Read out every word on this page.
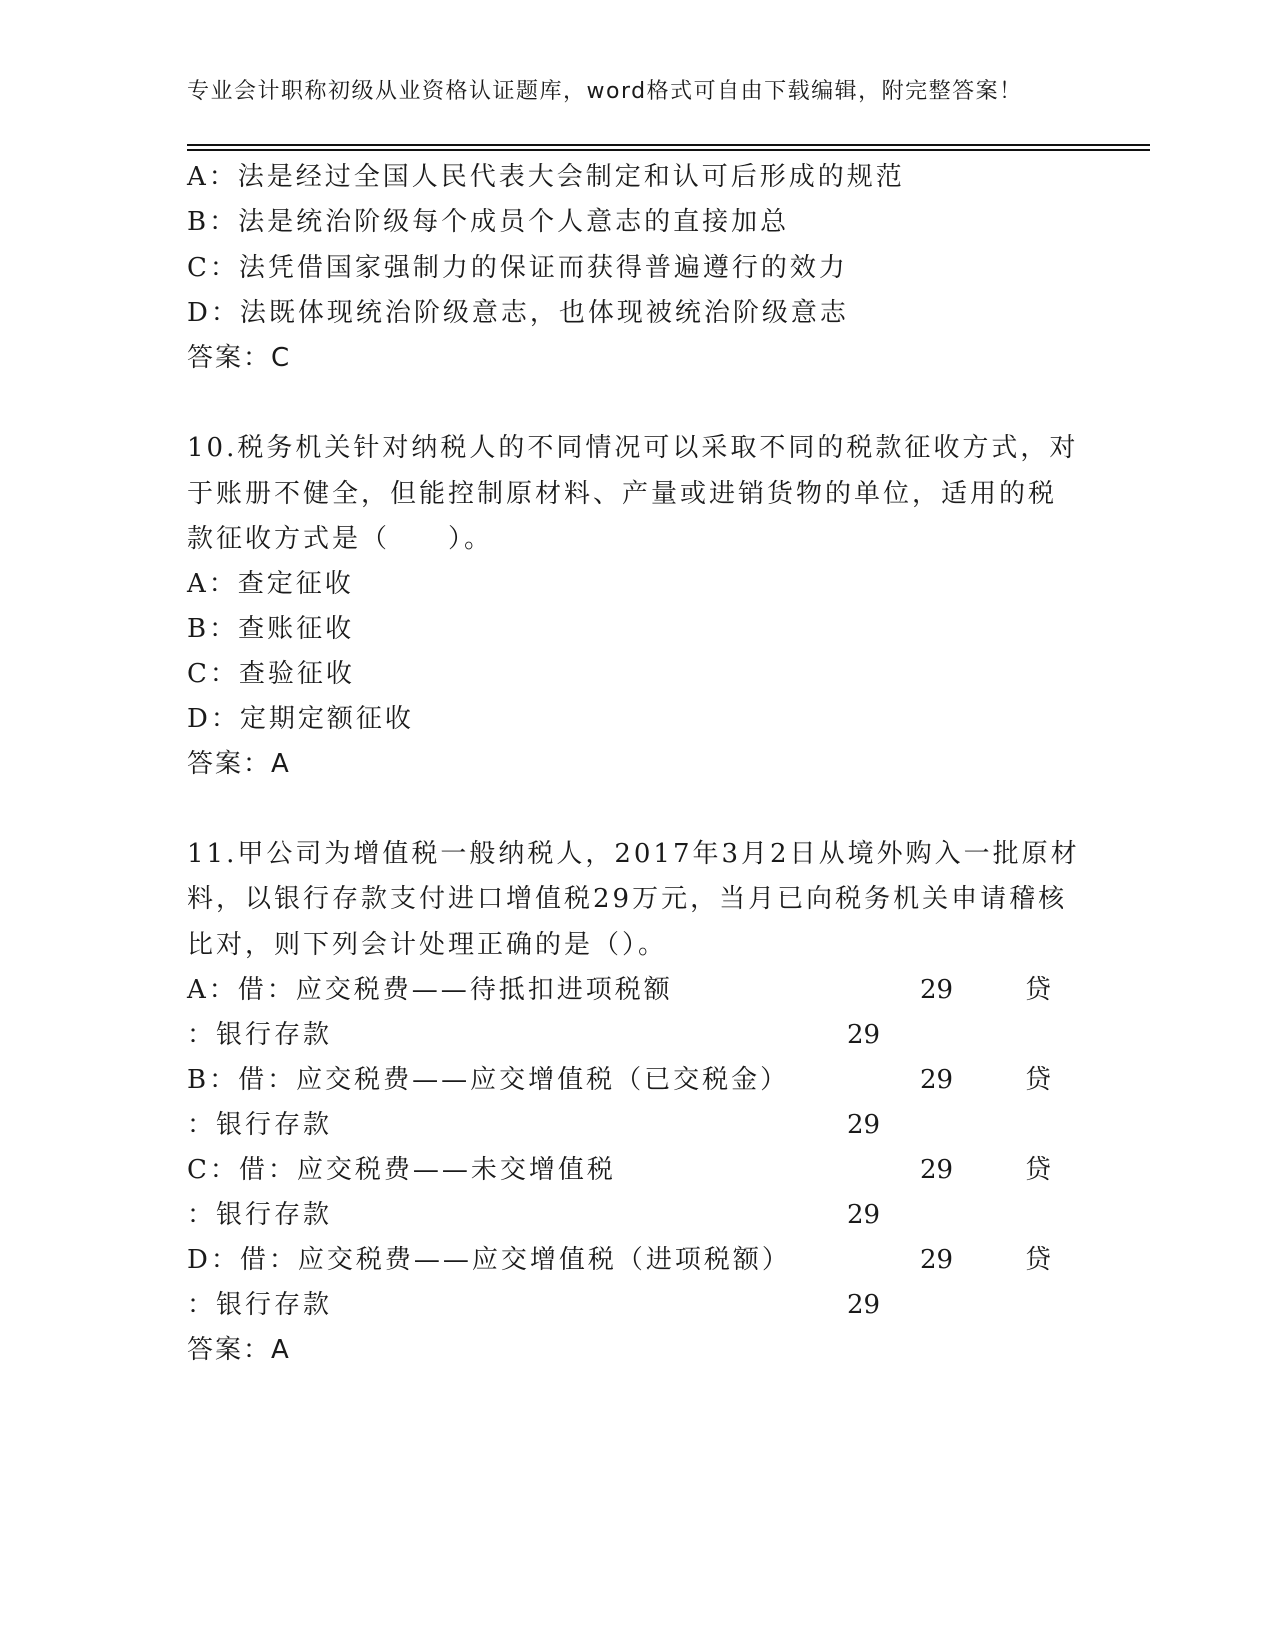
专业会计职称初级从业资格认证题库，word格式可自由下载编辑，附完整答案！
A：法是经过全国人民代表大会制定和认可后形成的规范
B：法是统治阶级每个成员个人意志的直接加总
C：法凭借国家强制力的保证而获得普遍遵行的效力
D：法既体现统治阶级意志，也体现被统治阶级意志
答案：C
10.税务机关针对纳税人的不同情况可以采取不同的税款征收方式，对
于账册不健全，但能控制原材料、产量或进销货物的单位，适用的税
款征收方式是（　　）。
A：查定征收
B：查账征收
C：查验征收
D：定期定额征收
答案：A
11.甲公司为增值税一般纳税人，2017年3月2日从境外购入一批原材
料，以银行存款支付进口增值税29万元，当月已向税务机关申请稽核
比对，则下列会计处理正确的是（）。
A：借：应交税费——待抵扣进项税额	29	贷
：银行存款	29
B：借：应交税费——应交增值税（已交税金）	29	贷
：银行存款	29
C：借：应交税费——未交增值税	29	贷
：银行存款	29
D：借：应交税费——应交增值税（进项税额）	29	贷
：银行存款	29
答案：A
